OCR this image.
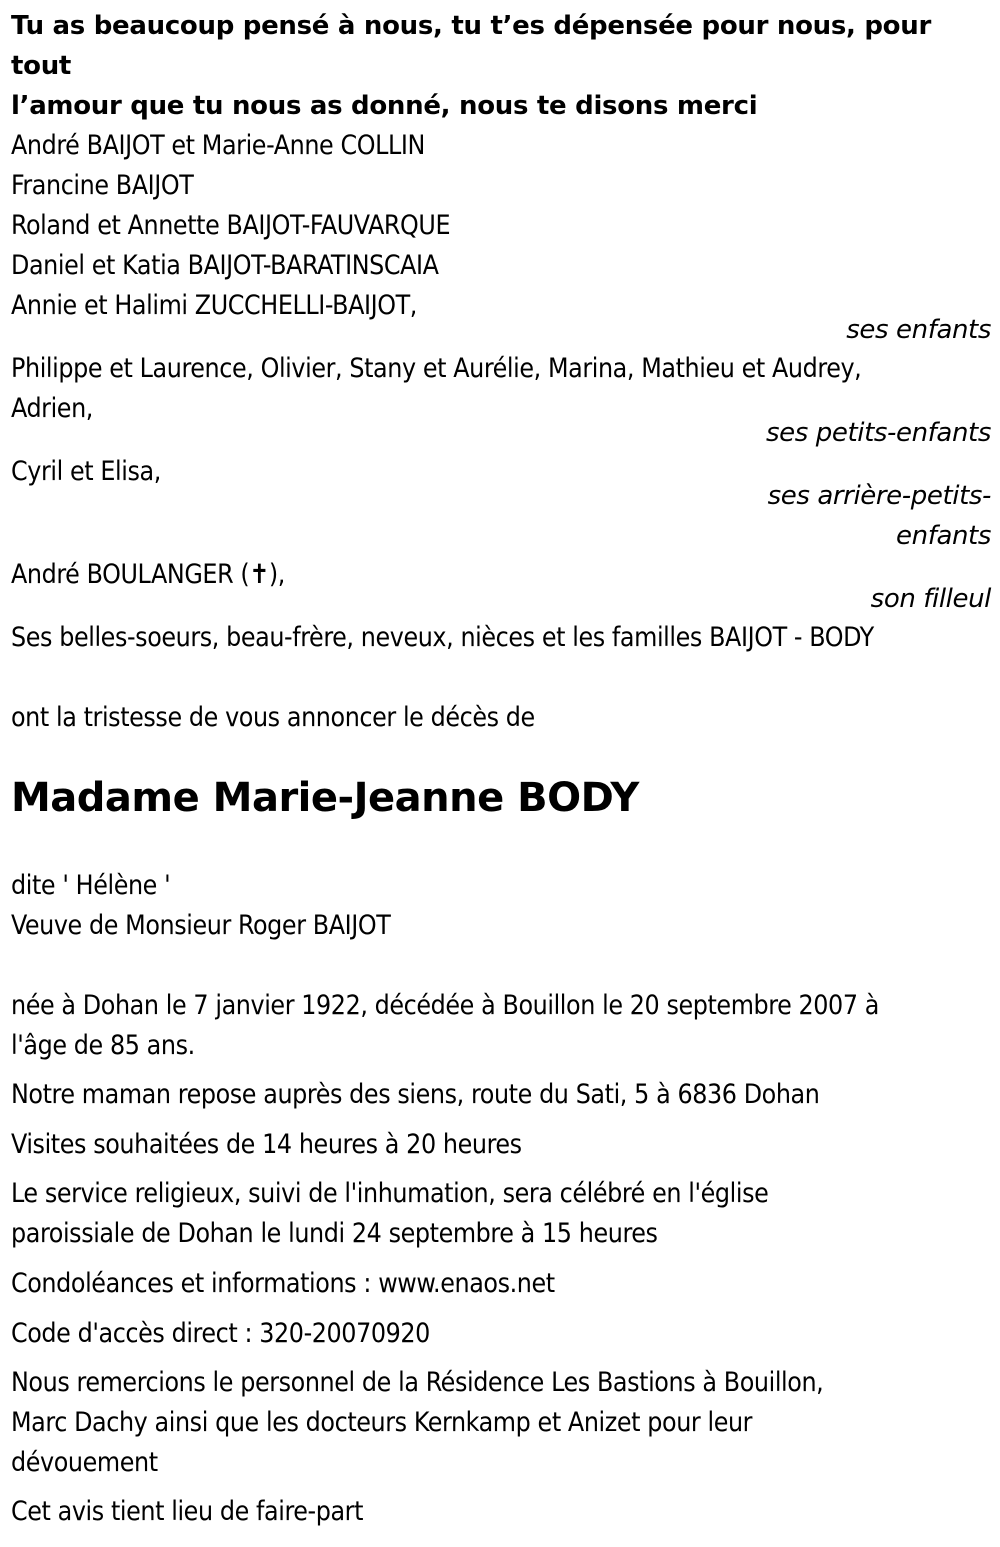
Tu as beaucoup pensé à nous, tu t’es dépensée pour nous, pour tout
l’amour que tu nous as donné, nous te disons merci
André BAIJOT et Marie-Anne COLLIN
Francine BAIJOT
Roland et Annette BAIJOT-FAUVARQUE
Daniel et Katia BAIJOT-BARATINSCAIA
Annie et Halimi ZUCCHELLI-BAIJOT,
ses enfants
Philippe et Laurence, Olivier, Stany et Aurélie, Marina, Mathieu et Audrey,
Adrien,
ses petits-enfants
Cyril et Elisa,
ses arrière-petits-
enfants
André BOULANGER (✝),
son filleul
Ses belles-soeurs, beau-frère, neveux, nièces et les familles BAIJOT - BODY
ont la tristesse de vous annoncer le décès de
Madame Marie-Jeanne BODY
dite ' Hélène '
Veuve de Monsieur Roger BAIJOT
née à Dohan le 7 janvier 1922, décédée à Bouillon le 20 septembre 2007 à
l'âge de 85 ans.
Notre maman repose auprès des siens, route du Sati, 5 à 6836 Dohan
Visites souhaitées de 14 heures à 20 heures
Le service religieux, suivi de l'inhumation, sera célébré en l'église
paroissiale de Dohan le lundi 24 septembre à 15 heures
Condoléances et informations : www.enaos.net
Code d'accès direct : 320-20070920
Nous remercions le personnel de la Résidence Les Bastions à Bouillon,
Marc Dachy ainsi que les docteurs Kernkamp et Anizet pour leur
dévouement
Cet avis tient lieu de faire-part
